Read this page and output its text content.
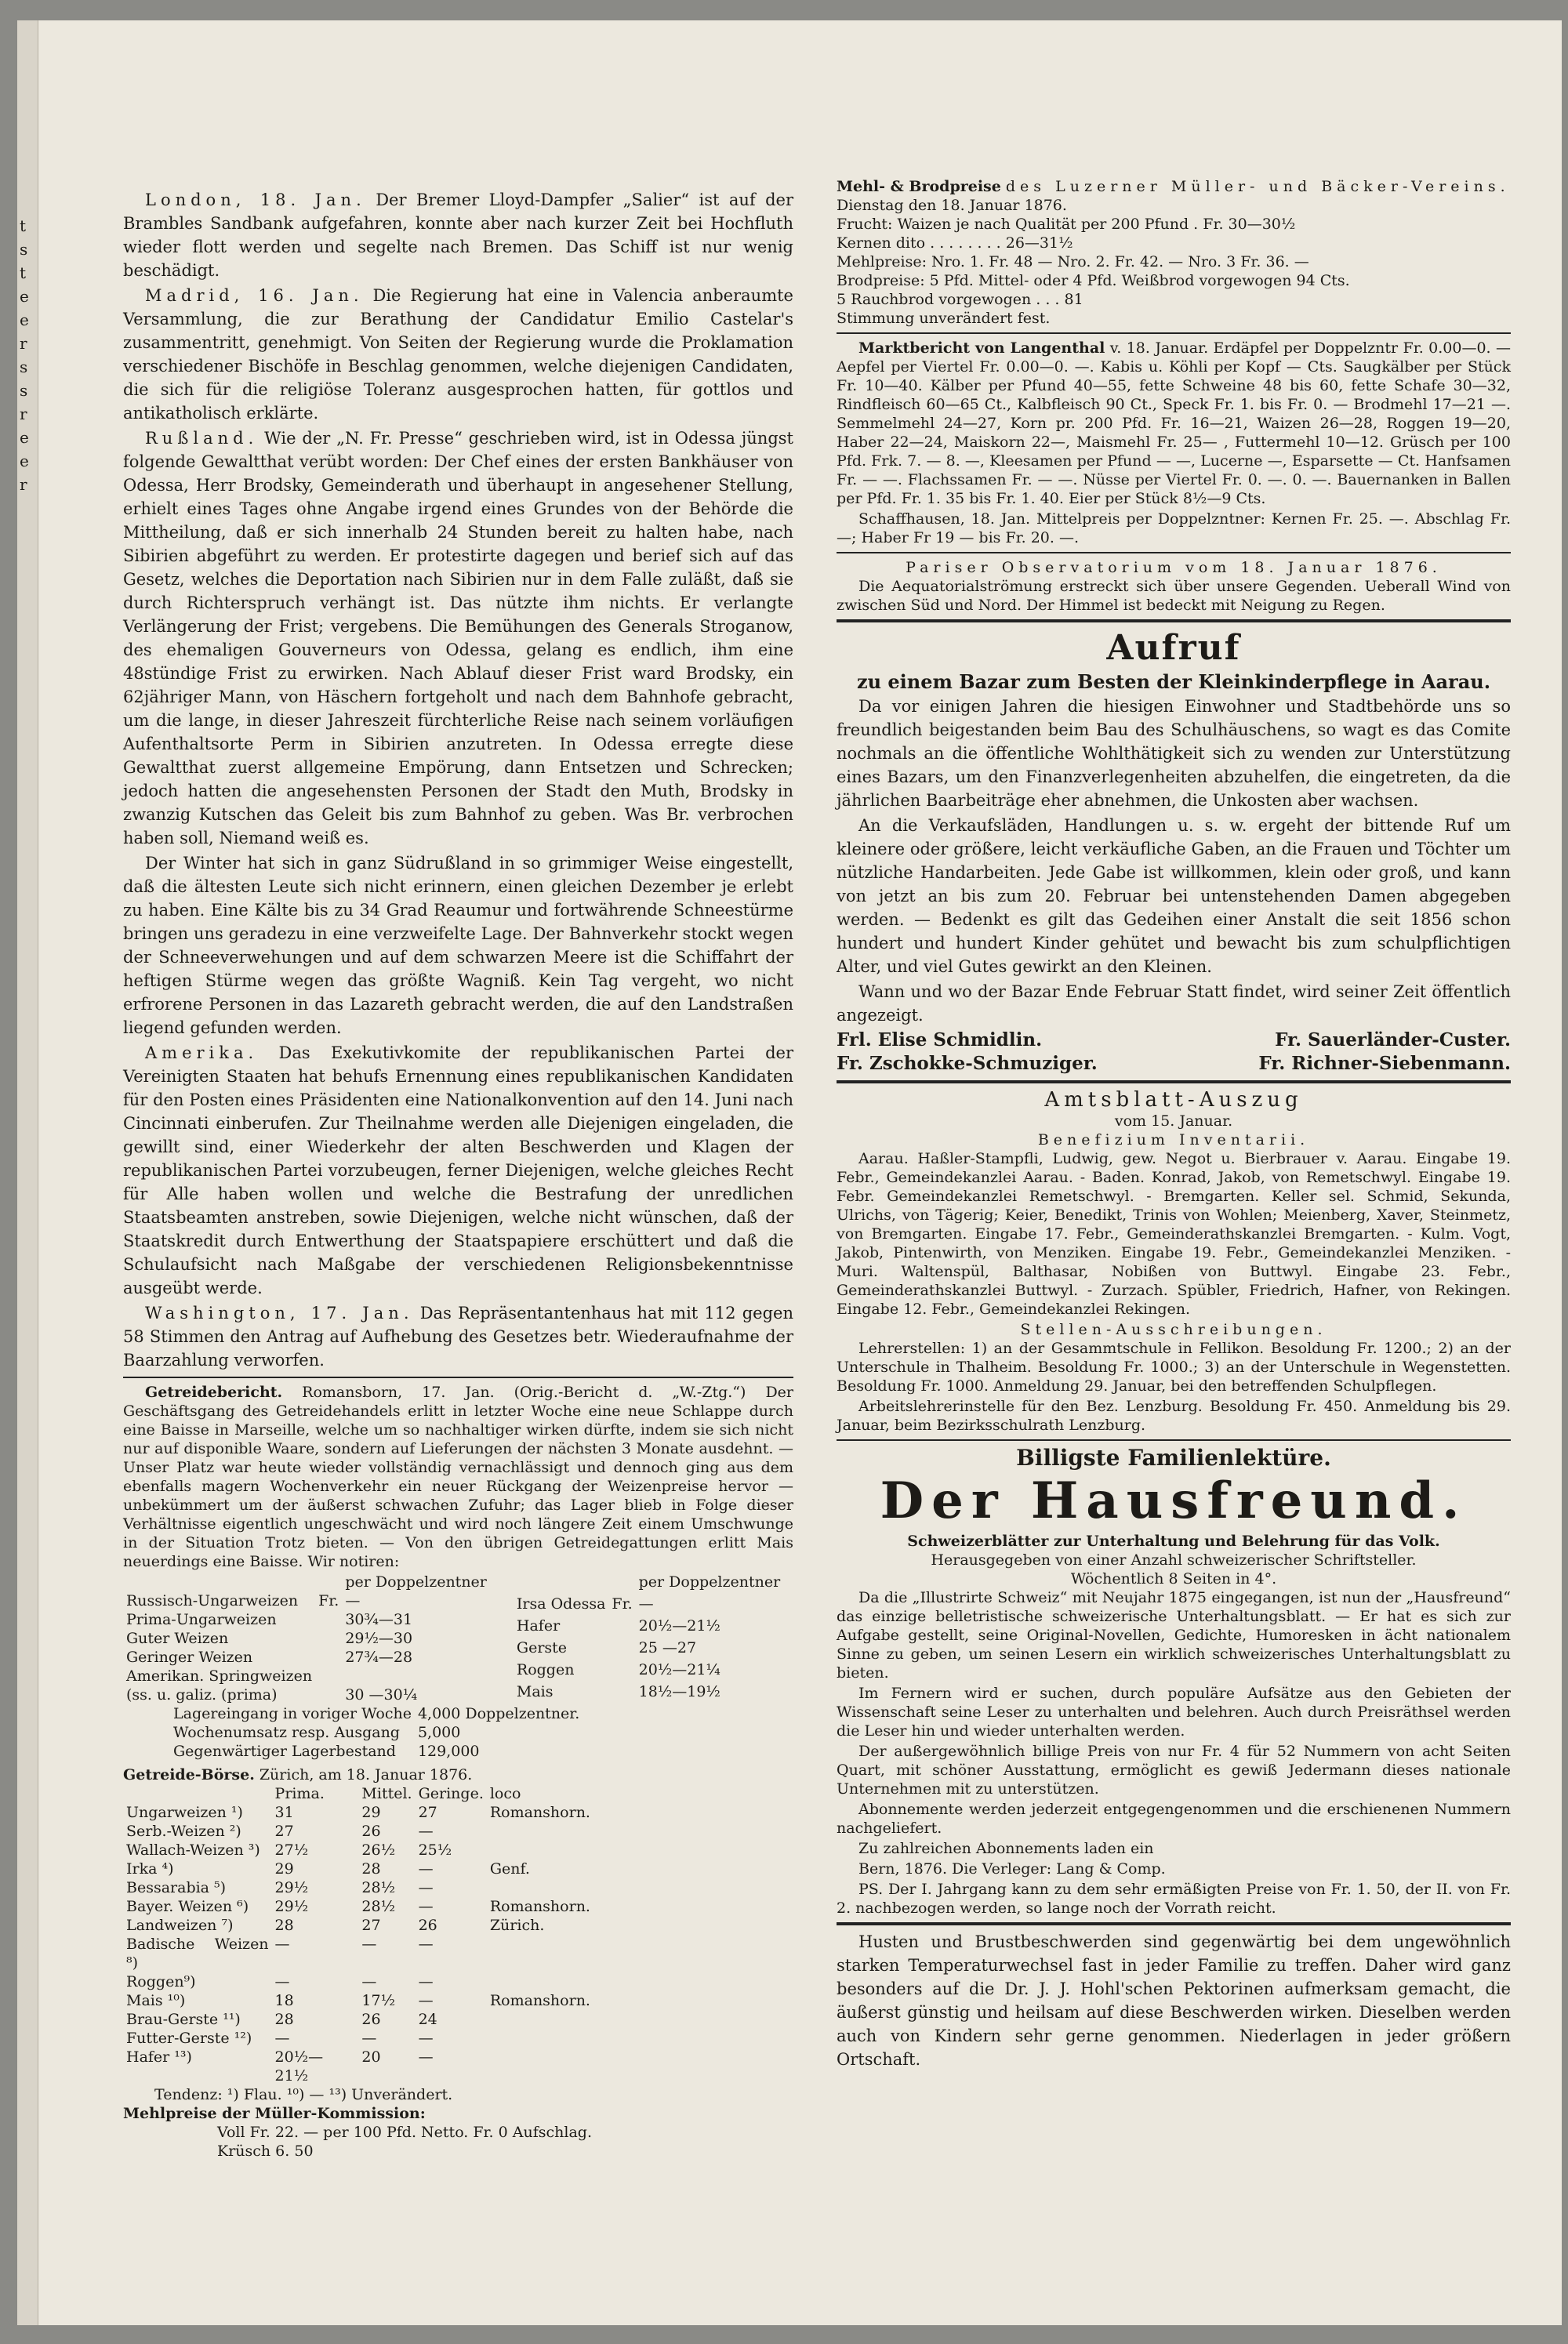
t
s
t
e
e
r
s
s
r
e
e
r

London, 18. Jan. Der Bremer Lloyd-Dampfer „Salier“ ist auf der Brambles Sandbank aufgefahren, konnte aber nach kurzer Zeit bei Hochfluth wieder flott werden und segelte nach Bremen. Das Schiff ist nur wenig beschädigt.

Madrid, 16. Jan. Die Regierung hat eine in Valencia anberaumte Versammlung, die zur Berathung der Candidatur Emilio Castelar's zusammentritt, genehmigt. Von Seiten der Regierung wurde die Proklamation verschiedener Bischöfe in Beschlag genommen, welche diejenigen Candidaten, die sich für die religiöse Toleranz ausgesprochen hatten, für gottlos und antikatholisch erklärte.

Rußland. Wie der „N. Fr. Presse“ geschrieben wird, ist in Odessa jüngst folgende Gewaltthat verübt worden: Der Chef eines der ersten Bankhäuser von Odessa, Herr Brodsky, Gemeinderath und überhaupt in angesehener Stellung, erhielt eines Tages ohne Angabe irgend eines Grundes von der Behörde die Mittheilung, daß er sich innerhalb 24 Stunden bereit zu halten habe, nach Sibirien abgeführt zu werden. Er protestirte dagegen und berief sich auf das Gesetz, welches die Deportation nach Sibirien nur in dem Falle zuläßt, daß sie durch Richterspruch verhängt ist. Das nützte ihm nichts. Er verlangte Verlängerung der Frist; vergebens. Die Bemühungen des Generals Stroganow, des ehemaligen Gouverneurs von Odessa, gelang es endlich, ihm eine 48stündige Frist zu erwirken. Nach Ablauf dieser Frist ward Brodsky, ein 62jähriger Mann, von Häschern fortgeholt und nach dem Bahnhofe gebracht, um die lange, in dieser Jahreszeit fürchterliche Reise nach seinem vorläufigen Aufenthaltsorte Perm in Sibirien anzutreten. In Odessa erregte diese Gewaltthat zuerst allgemeine Empörung, dann Entsetzen und Schrecken; jedoch hatten die angesehensten Personen der Stadt den Muth, Brodsky in zwanzig Kutschen das Geleit bis zum Bahnhof zu geben. Was Br. verbrochen haben soll, Niemand weiß es.

Der Winter hat sich in ganz Südrußland in so grimmiger Weise eingestellt, daß die ältesten Leute sich nicht erinnern, einen gleichen Dezember je erlebt zu haben. Eine Kälte bis zu 34 Grad Reaumur und fortwährende Schneestürme bringen uns geradezu in eine verzweifelte Lage. Der Bahnverkehr stockt wegen der Schneeverwehungen und auf dem schwarzen Meere ist die Schiffahrt der heftigen Stürme wegen das größte Wagniß. Kein Tag vergeht, wo nicht erfrorene Personen in das Lazareth gebracht werden, die auf den Landstraßen liegend gefunden werden.

Amerika. Das Exekutivkomite der republikanischen Partei der Vereinigten Staaten hat behufs Ernennung eines republikanischen Kandidaten für den Posten eines Präsidenten eine Nationalkonvention auf den 14. Juni nach Cincinnati einberufen. Zur Theilnahme werden alle Diejenigen eingeladen, die gewillt sind, einer Wiederkehr der alten Beschwerden und Klagen der republikanischen Partei vorzubeugen, ferner Diejenigen, welche gleiches Recht für Alle haben wollen und welche die Bestrafung der unredlichen Staatsbeamten anstreben, sowie Diejenigen, welche nicht wünschen, daß der Staatskredit durch Entwerthung der Staatspapiere erschüttert und daß die Schulaufsicht nach Maßgabe der verschiedenen Religionsbekenntnisse ausgeübt werde.

Washington, 17. Jan. Das Repräsentantenhaus hat mit 112 gegen 58 Stimmen den Antrag auf Aufhebung des Gesetzes betr. Wiederaufnahme der Baarzahlung verworfen.

Getreidebericht. Romansborn, 17. Jan. (Orig.-Bericht d. „W.-Ztg.“) Der Geschäftsgang des Getreidehandels erlitt in letzter Woche eine neue Schlappe durch eine Baisse in Marseille, welche um so nachhaltiger wirken dürfte, indem sie sich nicht nur auf disponible Waare, sondern auf Lieferungen der nächsten 3 Monate ausdehnt. — Unser Platz war heute wieder vollständig vernachlässigt und dennoch ging aus dem ebenfalls magern Wochenverkehr ein neuer Rückgang der Weizenpreise hervor — unbekümmert um der äußerst schwachen Zufuhr; das Lager blieb in Folge dieser Verhältnisse eigentlich ungeschwächt und wird noch längere Zeit einem Umschwunge in der Situation Trotz bieten. — Von den übrigen Getreidegattungen erlitt Mais neuerdings eine Baisse. Wir notiren:

		per Doppelzentner
Russisch-Ungarweizen	Fr.	—
Prima-Ungarweizen		30¾—31
Guter Weizen		29½—30
Geringer Weizen		27¾—28
Amerikan. Springweizen		
(ss. u. galiz. (prima)		30 —30¼
		per Doppelzentner
Irsa Odessa	Fr.	—
Hafer		20½—21½
Gerste		25 —27
Roggen		20½—21¼
Mais		18½—19½
Lagereingang in voriger Woche	4,000 Doppelzentner.
Wochenumsatz resp. Ausgang	5,000
Gegenwärtiger Lagerbestand	129,000
Getreide-Börse. Zürich, am 18. Januar 1876.
	Prima.	Mittel.	Geringe.	loco
Ungarweizen ¹)	31	29	27	Romanshorn.
Serb.-Weizen ²)	27	26	—	
Wallach-Weizen ³)	27½	26½	25½	
Irka ⁴)	29	28	—	Genf.
Bessarabia ⁵)	29½	28½	—	
Bayer. Weizen ⁶)	29½	28½	—	Romanshorn.
Landweizen ⁷)	28	27	26	Zürich.
Badische Weizen ⁸)	—	—	—	
Roggen⁹)	—	—	—	
Mais ¹⁰)	18	17½	—	Romanshorn.
Brau-Gerste ¹¹)	28	26	24	
Futter-Gerste ¹²)	—	—	—	
Hafer ¹³)	20½—21½	20	—	
Tendenz: ¹) Flau. ¹⁰) — ¹³) Unverändert.
Mehlpreise der Müller-Kommission:
Voll Fr. 22. — per 100 Pfd. Netto. Fr. 0 Aufschlag.
Krüsch 6. 50
Mehl- & Brodpreise des Luzerner Müller- und Bäcker-Vereins.
Dienstag den 18. Januar 1876.
Frucht: Waizen je nach Qualität per 200 Pfund . Fr. 30—30½
Kernen dito . . . . . . . . 26—31½
Mehlpreise: Nro. 1. Fr. 48 — Nro. 2. Fr. 42. — Nro. 3 Fr. 36. —
Brodpreise: 5 Pfd. Mittel- oder 4 Pfd. Weißbrod vorgewogen 94 Cts.
5 Rauchbrod vorgewogen . . . 81
Stimmung unverändert fest.

Marktbericht von Langenthal v. 18. Januar. Erdäpfel per Doppelzntr Fr. 0.00—0. — Aepfel per Viertel Fr. 0.00—0. —. Kabis u. Köhli per Kopf — Cts. Saugkälber per Stück Fr. 10—40. Kälber per Pfund 40—55, fette Schweine 48 bis 60, fette Schafe 30—32, Rindfleisch 60—65 Ct., Kalbfleisch 90 Ct., Speck Fr. 1. bis Fr. 0. — Brodmehl 17—21 —. Semmelmehl 24—27, Korn pr. 200 Pfd. Fr. 16—21, Waizen 26—28, Roggen 19—20, Haber 22—24, Maiskorn 22—, Maismehl Fr. 25— , Futtermehl 10—12. Grüsch per 100 Pfd. Frk. 7. — 8. —, Kleesamen per Pfund — —, Lucerne —, Esparsette — Ct. Hanfsamen Fr. — —. Flachssamen Fr. — —. Nüsse per Viertel Fr. 0. —. 0. —. Bauernanken in Ballen per Pfd. Fr. 1. 35 bis Fr. 1. 40. Eier per Stück 8½—9 Cts.

Schaffhausen, 18. Jan. Mittelpreis per Doppelzntner: Kernen Fr. 25. —. Abschlag Fr. —; Haber Fr 19 — bis Fr. 20. —.

Pariser Observatorium vom 18. Januar 1876.

Die Aequatorialströmung erstreckt sich über unsere Gegenden. Ueberall Wind von zwischen Süd und Nord. Der Himmel ist bedeckt mit Neigung zu Regen.

Aufruf
zu einem Bazar zum Besten der Kleinkinderpflege in Aarau.

Da vor einigen Jahren die hiesigen Einwohner und Stadtbehörde uns so freundlich beigestanden beim Bau des Schulhäuschens, so wagt es das Comite nochmals an die öffentliche Wohlthätigkeit sich zu wenden zur Unterstützung eines Bazars, um den Finanzverlegenheiten abzuhelfen, die eingetreten, da die jährlichen Baarbeiträge eher abnehmen, die Unkosten aber wachsen.

An die Verkaufsläden, Handlungen u. s. w. ergeht der bittende Ruf um kleinere oder größere, leicht verkäufliche Gaben, an die Frauen und Töchter um nützliche Handarbeiten. Jede Gabe ist willkommen, klein oder groß, und kann von jetzt an bis zum 20. Februar bei untenstehenden Damen abgegeben werden. — Bedenkt es gilt das Gedeihen einer Anstalt die seit 1856 schon hundert und hundert Kinder gehütet und bewacht bis zum schulpflichtigen Alter, und viel Gutes gewirkt an den Kleinen.

Wann und wo der Bazar Ende Februar Statt findet, wird seiner Zeit öffentlich angezeigt.

Frl. Elise Schmidlin.	Fr. Sauerländer-Custer.
Fr. Zschokke-Schmuziger.	Fr. Richner-Siebenmann.
Amtsblatt-Auszug
vom 15. Januar.
Benefizium Inventarii.

Aarau. Haßler-Stampfli, Ludwig, gew. Negot u. Bierbrauer v. Aarau. Eingabe 19. Febr., Gemeindekanzlei Aarau. - Baden. Konrad, Jakob, von Remetschwyl. Eingabe 19. Febr. Gemeindekanzlei Remetschwyl. - Bremgarten. Keller sel. Schmid, Sekunda, Ulrichs, von Tägerig; Keier, Benedikt, Trinis von Wohlen; Meienberg, Xaver, Steinmetz, von Bremgarten. Eingabe 17. Febr., Gemeinderathskanzlei Bremgarten. - Kulm. Vogt, Jakob, Pintenwirth, von Menziken. Eingabe 19. Febr., Gemeindekanzlei Menziken. - Muri. Waltenspül, Balthasar, Nobißen von Buttwyl. Eingabe 23. Febr., Gemeinderathskanzlei Buttwyl. - Zurzach. Spübler, Friedrich, Hafner, von Rekingen. Eingabe 12. Febr., Gemeindekanzlei Rekingen.

Stellen-Ausschreibungen.

Lehrerstellen: 1) an der Gesammtschule in Fellikon. Besoldung Fr. 1200.; 2) an der Unterschule in Thalheim. Besoldung Fr. 1000.; 3) an der Unterschule in Wegenstetten. Besoldung Fr. 1000. Anmeldung 29. Januar, bei den betreffenden Schulpflegen.

Arbeitslehrerinstelle für den Bez. Lenzburg. Besoldung Fr. 450. Anmeldung bis 29. Januar, beim Bezirksschulrath Lenzburg.

Billigste Familienlektüre.
Der Hausfreund.
Schweizerblätter zur Unterhaltung und Belehrung für das Volk.
Herausgegeben von einer Anzahl schweizerischer Schriftsteller.
Wöchentlich 8 Seiten in 4°.

Da die „Illustrirte Schweiz“ mit Neujahr 1875 eingegangen, ist nun der „Hausfreund“ das einzige belletristische schweizerische Unterhaltungsblatt. — Er hat es sich zur Aufgabe gestellt, seine Original-Novellen, Gedichte, Humoresken in ächt nationalem Sinne zu geben, um seinen Lesern ein wirklich schweizerisches Unterhaltungsblatt zu bieten.

Im Fernern wird er suchen, durch populäre Aufsätze aus den Gebieten der Wissenschaft seine Leser zu unterhalten und belehren. Auch durch Preisräthsel werden die Leser hin und wieder unterhalten werden.

Der außergewöhnlich billige Preis von nur Fr. 4 für 52 Nummern von acht Seiten Quart, mit schöner Ausstattung, ermöglicht es gewiß Jedermann dieses nationale Unternehmen mit zu unterstützen.

Abonnemente werden jederzeit entgegengenommen und die erschienenen Nummern nachgeliefert.

Zu zahlreichen Abonnements laden ein

Bern, 1876. Die Verleger: Lang & Comp.

PS. Der I. Jahrgang kann zu dem sehr ermäßigten Preise von Fr. 1. 50, der II. von Fr. 2. nachbezogen werden, so lange noch der Vorrath reicht.

Husten und Brustbeschwerden sind gegenwärtig bei dem ungewöhnlich starken Temperaturwechsel fast in jeder Familie zu treffen. Daher wird ganz besonders auf die Dr. J. J. Hohl'schen Pektorinen aufmerksam gemacht, die äußerst günstig und heilsam auf diese Beschwerden wirken. Dieselben werden auch von Kindern sehr gerne genommen. Niederlagen in jeder größern Ortschaft.
